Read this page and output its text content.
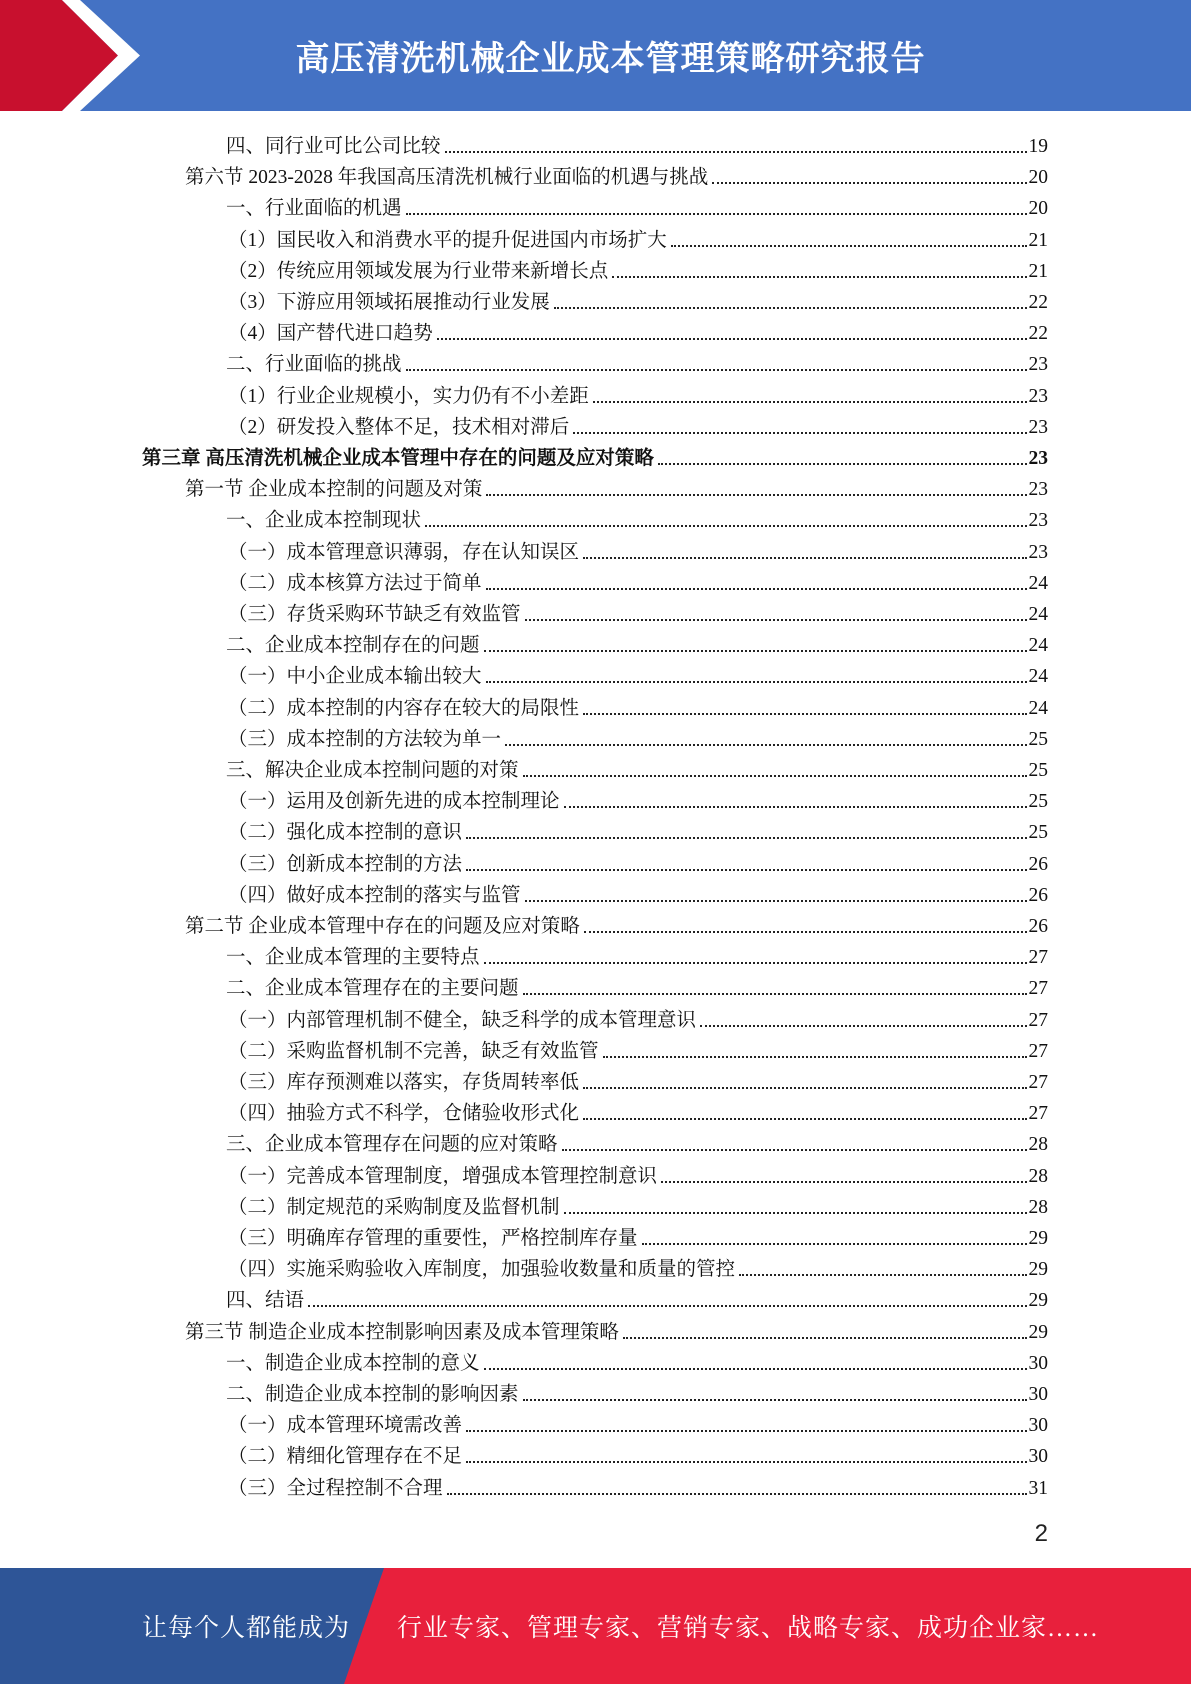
高压清洗机械企业成本管理策略研究报告
四、同行业可比公司比较	19
第六节 2023-2028 年我国高压清洗机械行业面临的机遇与挑战	20
一、行业面临的机遇	20
（1）国民收入和消费水平的提升促进国内市场扩大	21
（2）传统应用领域发展为行业带来新增长点	21
（3）下游应用领域拓展推动行业发展	22
（4）国产替代进口趋势	22
二、行业面临的挑战	23
（1）行业企业规模小，实力仍有不小差距	23
（2）研发投入整体不足，技术相对滞后	23
第三章 高压清洗机械企业成本管理中存在的问题及应对策略	23
第一节 企业成本控制的问题及对策	23
一、企业成本控制现状	23
（一）成本管理意识薄弱，存在认知误区	23
（二）成本核算方法过于简单	24
（三）存货采购环节缺乏有效监管	24
二、企业成本控制存在的问题	24
（一）中小企业成本输出较大	24
（二）成本控制的内容存在较大的局限性	24
（三）成本控制的方法较为单一	25
三、解决企业成本控制问题的对策	25
（一）运用及创新先进的成本控制理论	25
（二）强化成本控制的意识	25
（三）创新成本控制的方法	26
（四）做好成本控制的落实与监管	26
第二节 企业成本管理中存在的问题及应对策略	26
一、企业成本管理的主要特点	27
二、企业成本管理存在的主要问题	27
（一）内部管理机制不健全，缺乏科学的成本管理意识	27
（二）采购监督机制不完善，缺乏有效监管	27
（三）库存预测难以落实，存货周转率低	27
（四）抽验方式不科学，仓储验收形式化	27
三、企业成本管理存在问题的应对策略	28
（一）完善成本管理制度，增强成本管理控制意识	28
（二）制定规范的采购制度及监督机制	28
（三）明确库存管理的重要性，严格控制库存量	29
（四）实施采购验收入库制度，加强验收数量和质量的管控	29
四、结语	29
第三节 制造企业成本控制影响因素及成本管理策略	29
一、制造企业成本控制的意义	30
二、制造企业成本控制的影响因素	30
（一）成本管理环境需改善	30
（二）精细化管理存在不足	30
（三）全过程控制不合理	31
2
让每个人都能成为 行业专家、管理专家、营销专家、战略专家、成功企业家……
